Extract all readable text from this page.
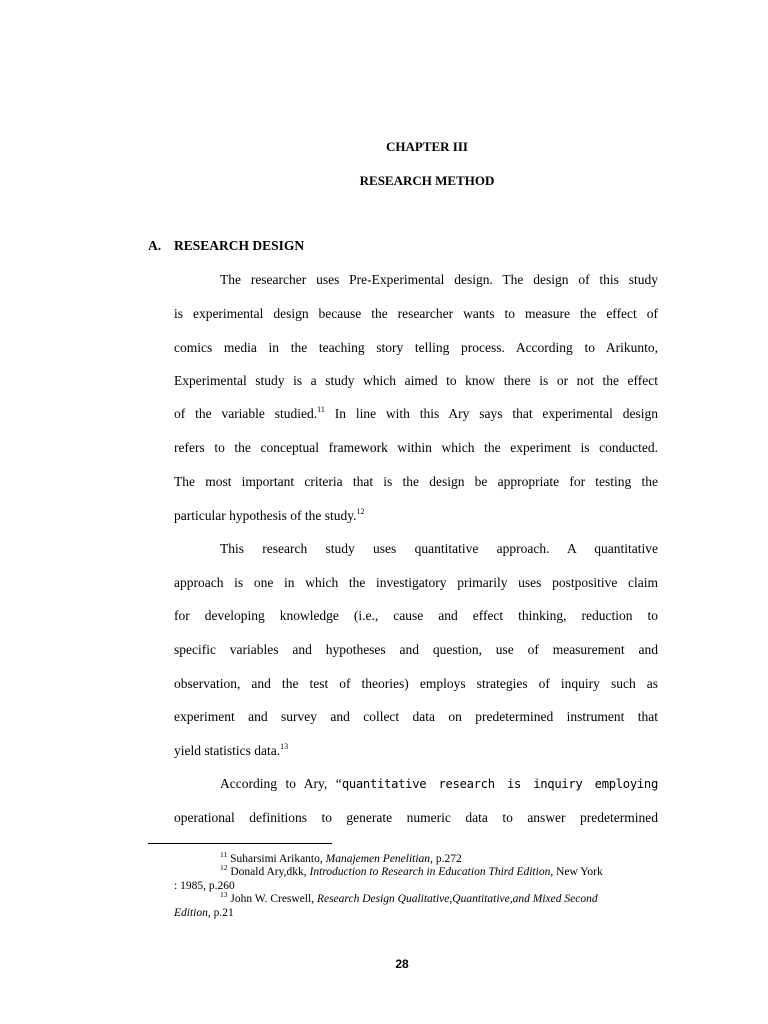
CHAPTER III
RESEARCH METHOD
A. RESEARCH DESIGN
The researcher uses Pre-Experimental design. The design of this study
is experimental design because the researcher wants to measure the effect of
comics media in the teaching story telling process. According to Arikunto,
Experimental study is a study which aimed to know there is or not the effect
of the variable studied.$^{11}$ In line with this Ary says that experimental design
refers to the conceptual framework within which the experiment is conducted.
The most important criteria that is the design be appropriate for testing the
particular hypothesis of the study.$^{12}$
This research study uses quantitative approach. A quantitative
approach is one in which the investigatory primarily uses postpositive claim
for developing knowledge (i.e., cause and effect thinking, reduction to
specific variables and hypotheses and question, use of measurement and
observation, and the test of theories) employs strategies of inquiry such as
experiment and survey and collect data on predetermined instrument that
yield statistics data.$^{13}$
According to Ary, “quantitative research is inquiry employing
operational definitions to generate numeric data to answer predetermined
$^{11}$ Suharsimi Arikanto, Manajemen Penelitian, p.272
$^{12}$ Donald Ary,dkk, Introduction to Research in Education Third Edition, New York
: 1985, p.260
$^{13}$ John W. Creswell, Research Design Qualitative,Quantitative,and Mixed Second
Edition, p.21
28
